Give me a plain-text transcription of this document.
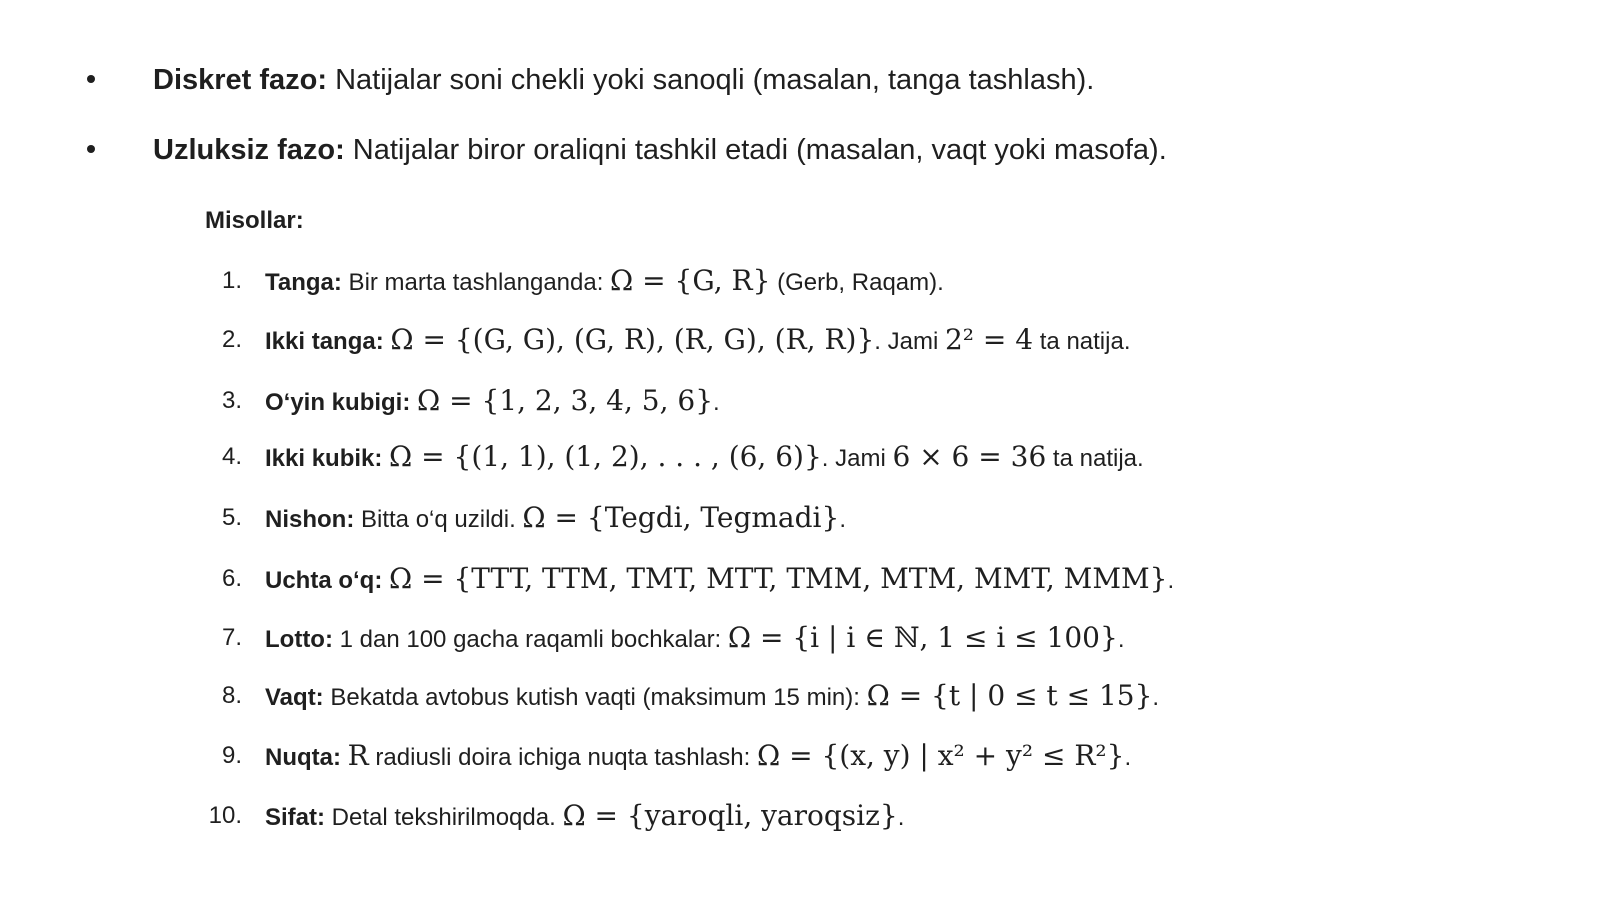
Diskret fazo: Natijalar soni chekli yoki sanoqli (masalan, tanga tashlash).
Uzluksiz fazo: Natijalar biror oraliqni tashkil etadi (masalan, vaqt yoki masofa).
Misollar:
1. Tanga: Bir marta tashlanganda: Ω = {G, R} (Gerb, Raqam).
2. Ikki tanga: Ω = {(G, G), (G, R), (R, G), (R, R)}. Jami 2² = 4 ta natija.
3. O‘yin kubigi: Ω = {1, 2, 3, 4, 5, 6}.
4. Ikki kubik: Ω = {(1, 1), (1, 2), . . . , (6, 6)}. Jami 6 × 6 = 36 ta natija.
5. Nishon: Bitta o‘q uzildi. Ω = {Tegdi, Tegmadi}.
6. Uchta o‘q: Ω = {TTT, TTM, TMT, MTT, TMM, MTM, MMT, MMM}.
7. Lotto: 1 dan 100 gacha raqamli bochkalar: Ω = {i | i ∈ ℕ, 1 ≤ i ≤ 100}.
8. Vaqt: Bekatda avtobus kutish vaqti (maksimum 15 min): Ω = {t | 0 ≤ t ≤ 15}.
9. Nuqta: R radiusli doira ichiga nuqta tashlash: Ω = {(x, y) | x² + y² ≤ R²}.
10. Sifat: Detal tekshirilmoqda. Ω = {yaroqli, yaroqsiz}.
